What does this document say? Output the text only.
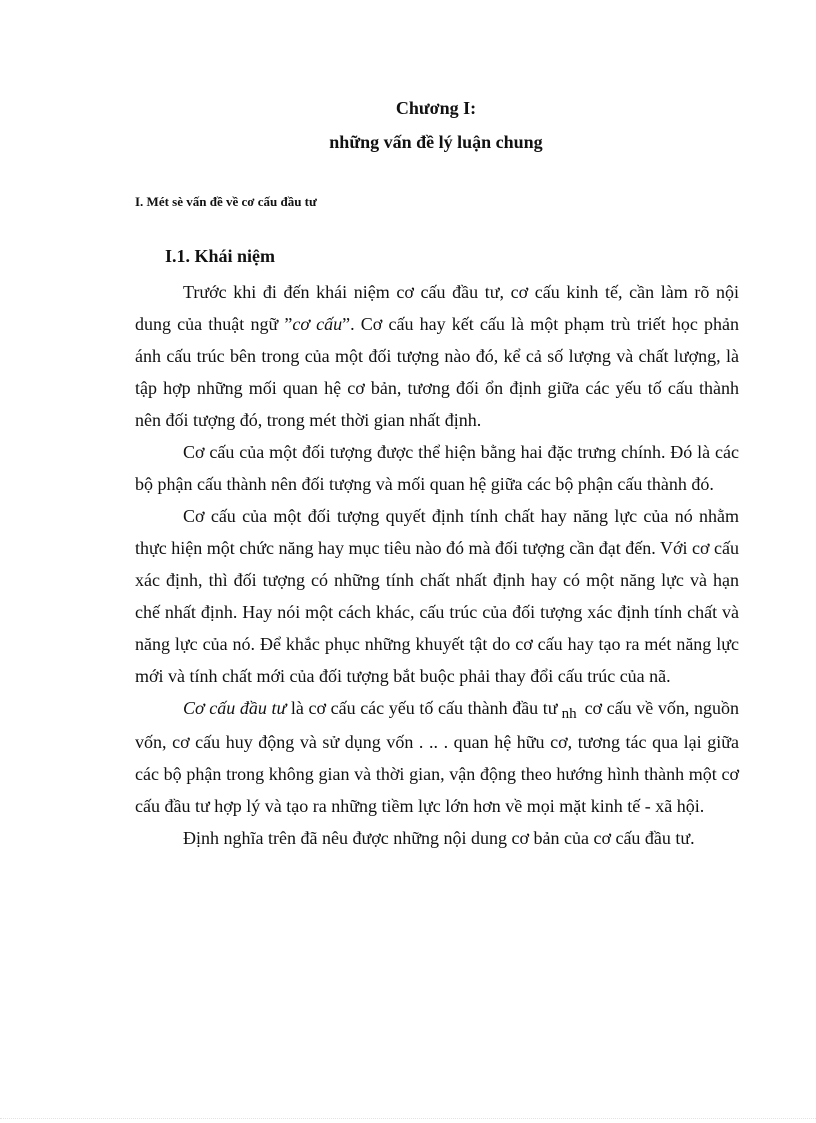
Chương I:
những vấn đề lý luận chung
I. Mét sè vấn đề về cơ cấu đầu tư
I.1. Khái niệm

Trước khi đi đến khái niệm cơ cấu đầu tư, cơ cấu kinh tế, cần làm rõ nội dung của thuật ngữ ”cơ cấu”. Cơ cấu hay kết cấu là một phạm trù triết học phản ánh cấu trúc bên trong của một đối tượng nào đó, kể cả số lượng và chất lượng, là tập hợp những mối quan hệ cơ bản, tương đối ổn định giữa các yếu tố cấu thành nên đối tượng đó, trong mét thời gian nhất định.

Cơ cấu của một đối tượng được thể hiện bằng hai đặc trưng chính. Đó là các bộ phận cấu thành nên đối tượng và mối quan hệ giữa các bộ phận cấu thành đó.

Cơ cấu của một đối tượng quyết định tính chất hay năng lực của nó nhằm thực hiện một chức năng hay mục tiêu nào đó mà đối tượng cần đạt đến. Với cơ cấu xác định, thì đối tượng có những tính chất nhất định hay có một năng lực và hạn chế nhất định. Hay nói một cách khác, cấu trúc của đối tượng xác định tính chất và năng lực của nó. Để khắc phục những khuyết tật do cơ cấu hay tạo ra mét năng lực mới và tính chất mới của đối tượng bắt buộc phải thay đổi cấu trúc của nã.

Cơ cấu đầu tư là cơ cấu các yếu tố cấu thành đầu tư $_{nh}$ cơ cấu về vốn, nguồn vốn, cơ cấu huy động và sử dụng vốn . .. . quan hệ hữu cơ, tương tác qua lại giữa các bộ phận trong không gian và thời gian, vận động theo hướng hình thành một cơ cấu đầu tư hợp lý và tạo ra những tiềm lực lớn hơn về mọi mặt kinh tế - xã hội.

Định nghĩa trên đã nêu được những nội dung cơ bản của cơ cấu đầu tư.
